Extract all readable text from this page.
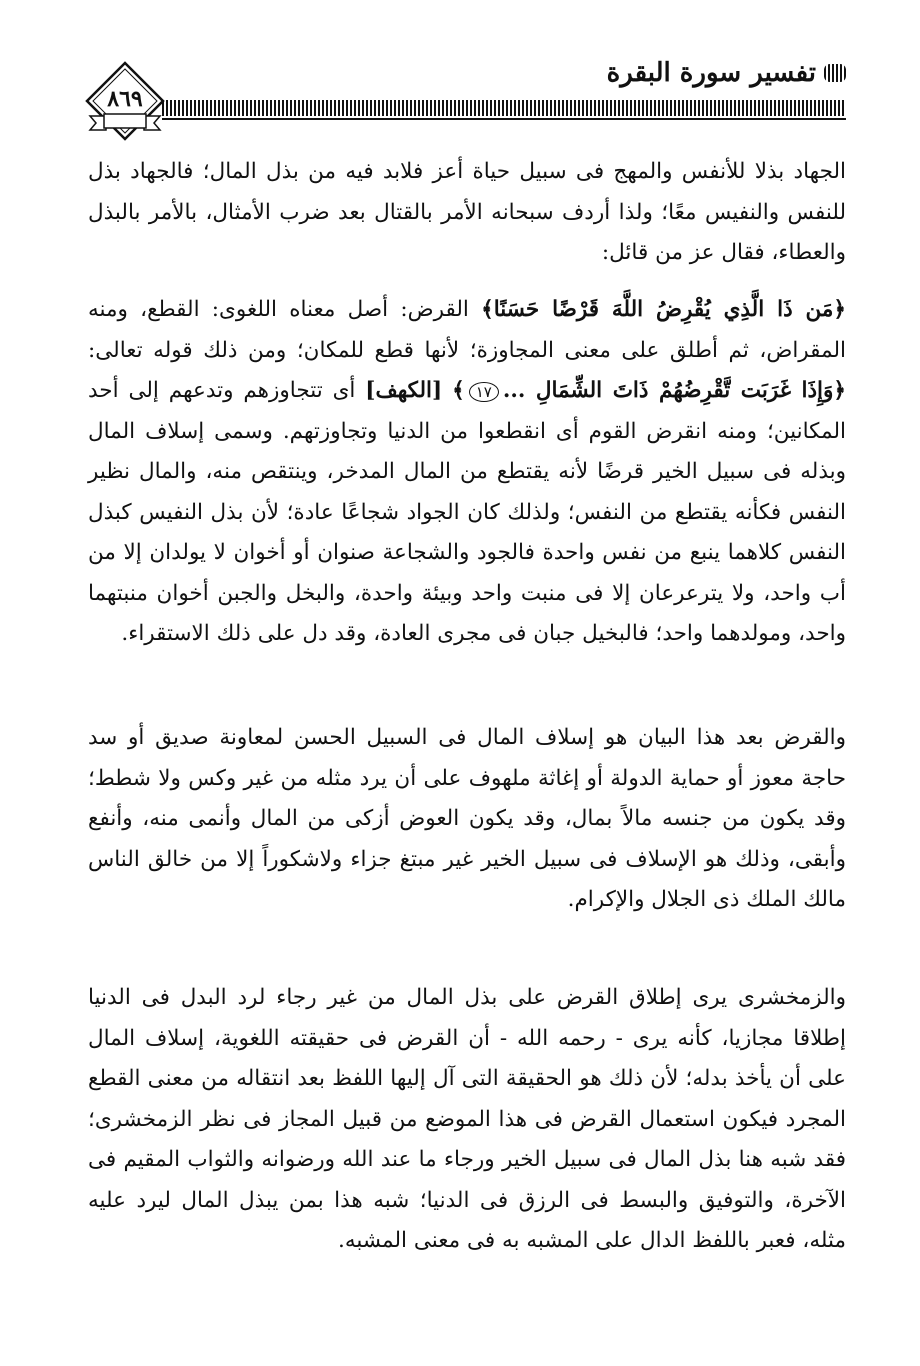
تفسير سورة البقرة
٨٦٩
الجهاد بذلا للأنفس والمهج فى سبيل حياة أعز فلابد فيه من بذل المال؛ فالجهاد بذل للنفس والنفيس معًا؛ ولذا أردف سبحانه الأمر بالقتال بعد ضرب الأمثال، بالأمر بالبذل والعطاء، فقال عز من قائل:
﴿مَن ذَا الَّذِي يُقْرِضُ اللَّهَ قَرْضًا حَسَنًا﴾ القرض: أصل معناه اللغوى: القطع، ومنه المقراض، ثم أطلق على معنى المجاوزة؛ لأنها قطع للمكان؛ ومن ذلك قوله تعالى: ﴿وَإِذَا غَرَبَت تَّقْرِضُهُمْ ذَاتَ الشِّمَالِ ...١٧﴾ [الكهف] أى تتجاوزهم وتدعهم إلى أحد المكانين؛ ومنه انقرض القوم أى انقطعوا من الدنيا وتجاوزتهم. وسمى إسلاف المال وبذله فى سبيل الخير قرضًا لأنه يقتطع من المال المدخر، وينتقص منه، والمال نظير النفس فكأنه يقتطع من النفس؛ ولذلك كان الجواد شجاعًا عادة؛ لأن بذل النفيس كبذل النفس كلاهما ينبع من نفس واحدة فالجود والشجاعة صنوان أو أخوان لا يولدان إلا من أب واحد، ولا يترعرعان إلا فى منبت واحد وبيئة واحدة، والبخل والجبن أخوان منبتهما واحد، ومولدهما واحد؛ فالبخيل جبان فى مجرى العادة، وقد دل على ذلك الاستقراء.
والقرض بعد هذا البيان هو إسلاف المال فى السبيل الحسن لمعاونة صديق أو سد حاجة معوز أو حماية الدولة أو إغاثة ملهوف على أن يرد مثله من غير وكس ولا شطط؛ وقد يكون من جنسه مالاً بمال، وقد يكون العوض أزكى من المال وأنمى منه، وأنفع وأبقى، وذلك هو الإسلاف فى سبيل الخير غير مبتغ جزاء ولاشكوراً إلا من خالق الناس مالك الملك ذى الجلال والإكرام.
والزمخشرى يرى إطلاق القرض على بذل المال من غير رجاء لرد البدل فى الدنيا إطلاقا مجازيا، كأنه يرى - رحمه الله - أن القرض فى حقيقته اللغوية، إسلاف المال على أن يأخذ بدله؛ لأن ذلك هو الحقيقة التى آل إليها اللفظ بعد انتقاله من معنى القطع المجرد فيكون استعمال القرض فى هذا الموضع من قبيل المجاز فى نظر الزمخشرى؛ فقد شبه هنا بذل المال فى سبيل الخير ورجاء ما عند الله ورضوانه والثواب المقيم فى الآخرة، والتوفيق والبسط فى الرزق فى الدنيا؛ شبه هذا بمن يبذل المال ليرد عليه مثله، فعبر باللفظ الدال على المشبه به فى معنى المشبه.
